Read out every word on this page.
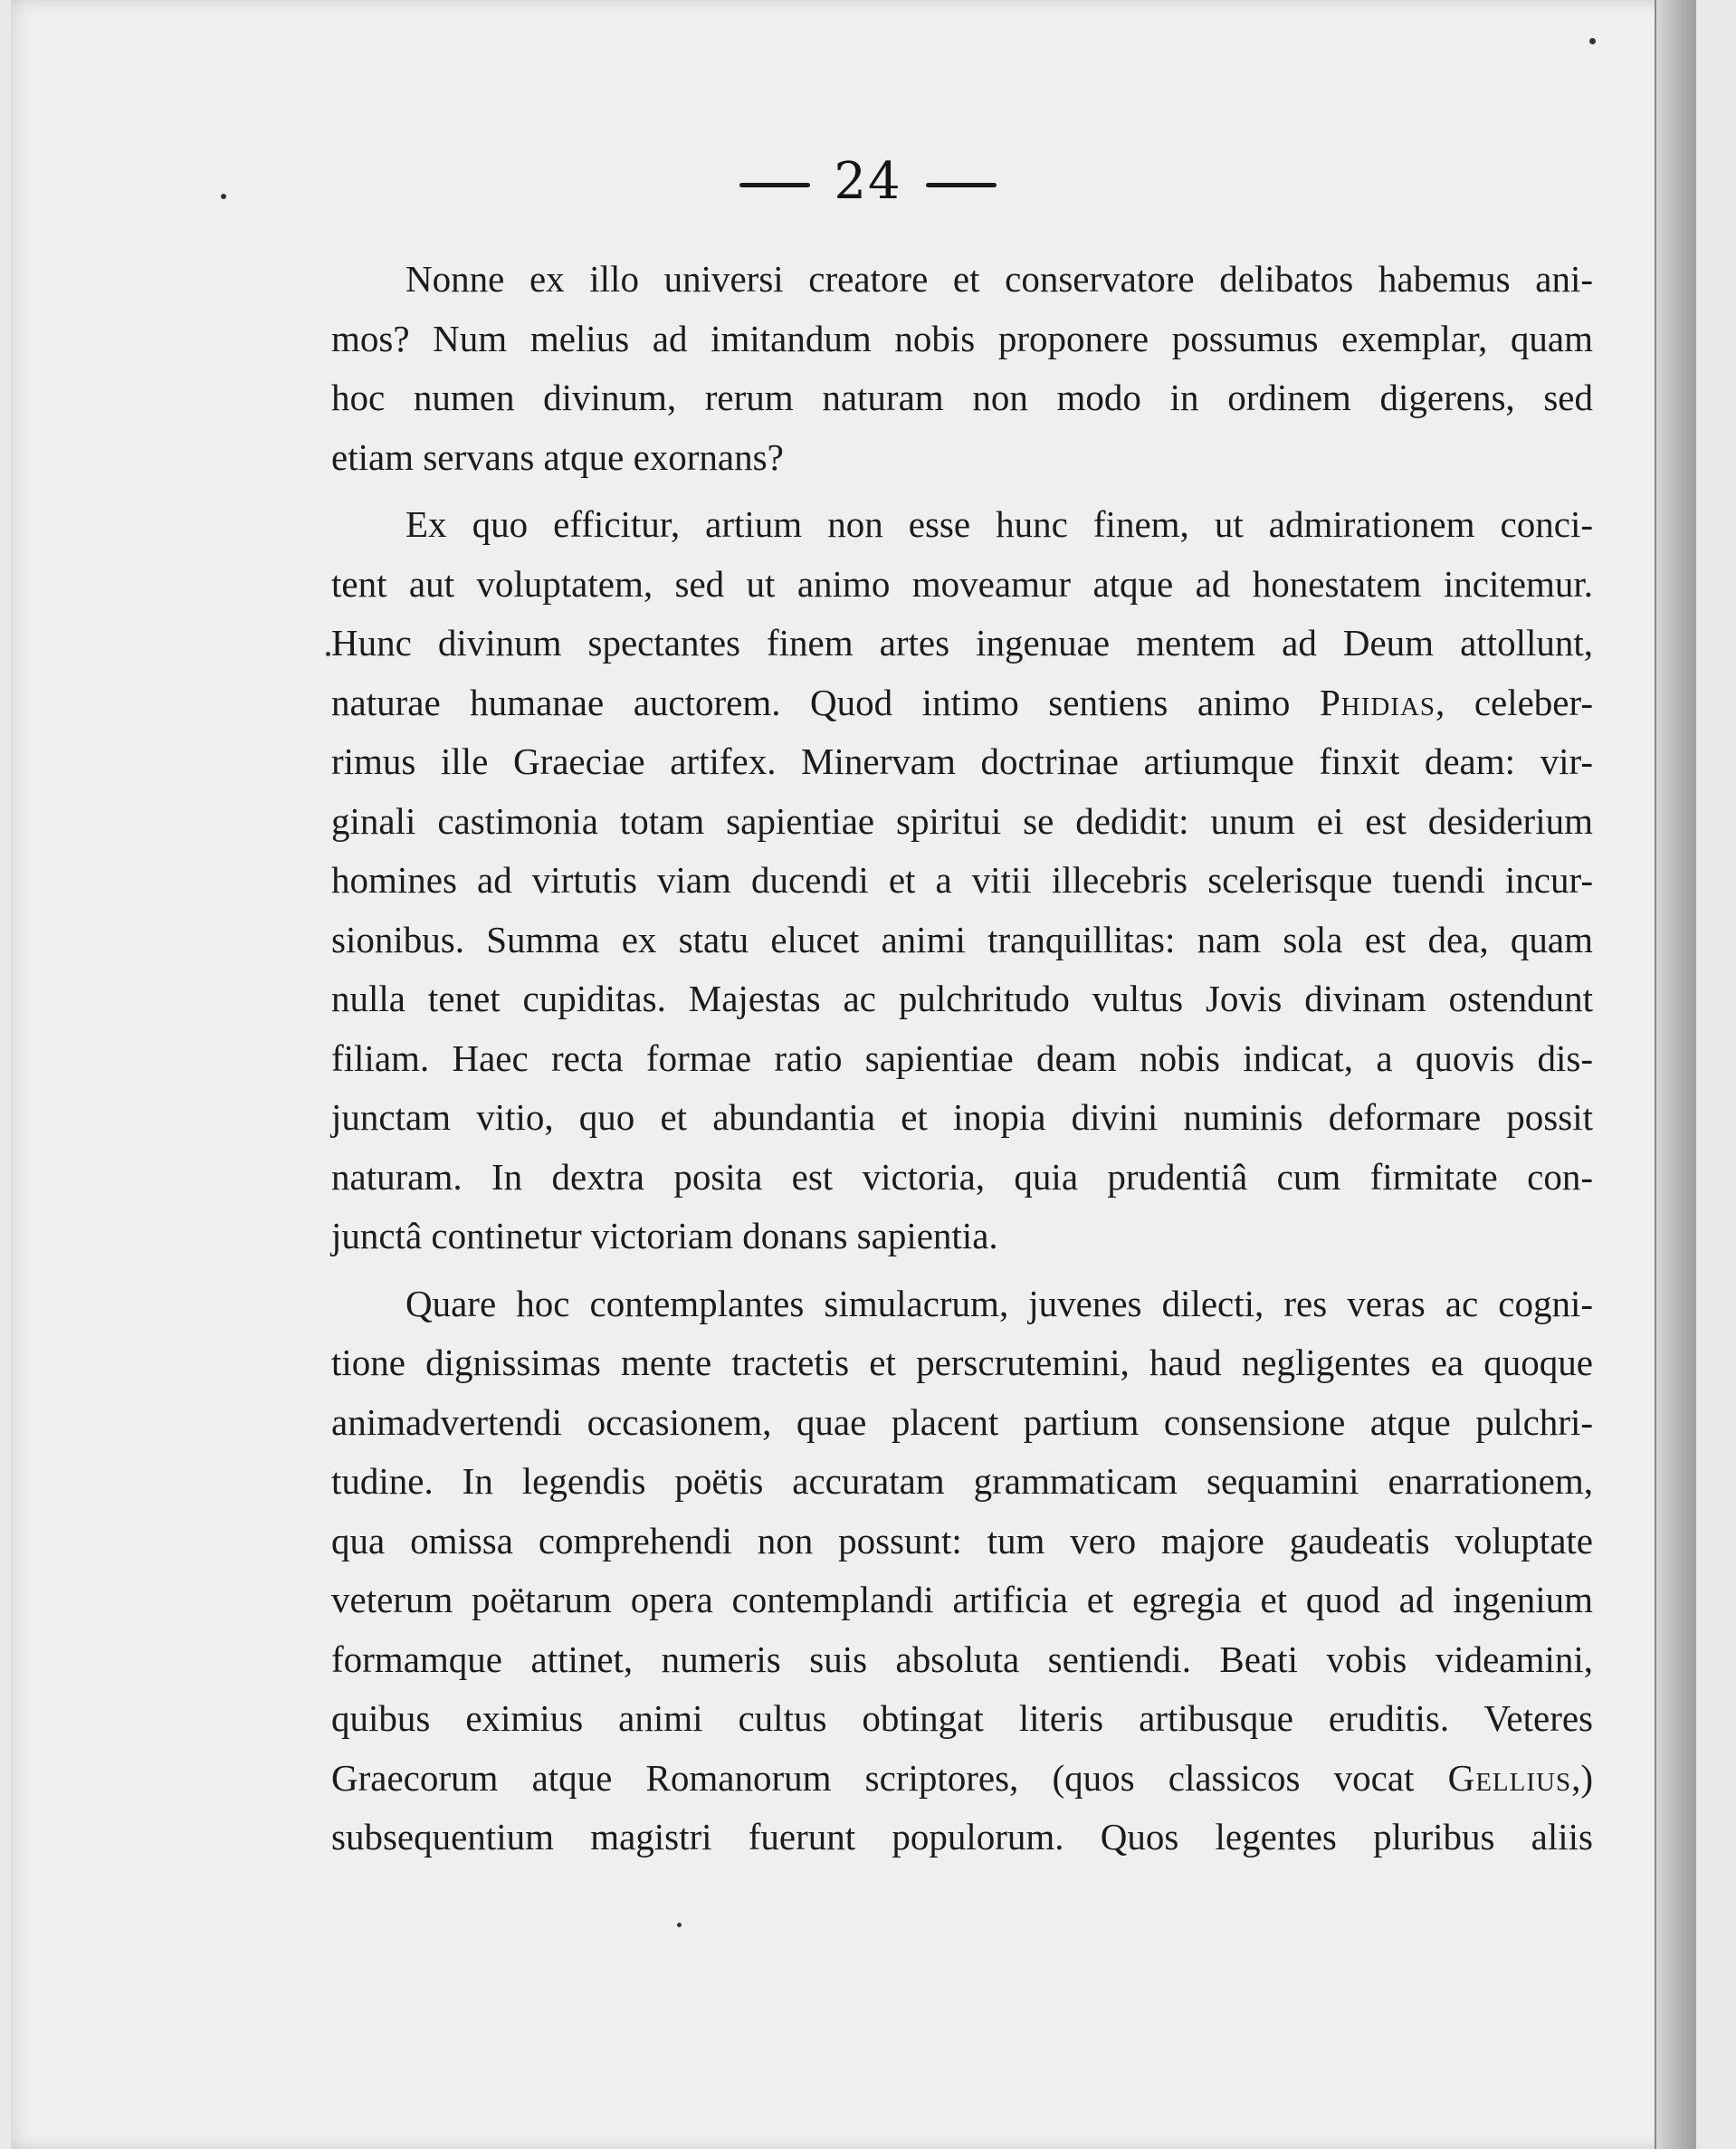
24
Nonne ex illo universi creatore et conservatore delibatos habemus ani-
mos? Num melius ad imitandum nobis proponere possumus exemplar, quam
hoc numen divinum, rerum naturam non modo in ordinem digerens, sed
etiam servans atque exornans?
Ex quo efficitur, artium non esse hunc finem, ut admirationem conci-
tent aut voluptatem, sed ut animo moveamur atque ad honestatem incitemur.
Hunc divinum spectantes finem artes ingenuae mentem ad Deum attollunt,
naturae humanae auctorem. Quod intimo sentiens animo Phidias, celeber-
rimus ille Graeciae artifex. Minervam doctrinae artiumque finxit deam: vir-
ginali castimonia totam sapientiae spiritui se dedidit: unum ei est desiderium
homines ad virtutis viam ducendi et a vitii illecebris scelerisque tuendi incur-
sionibus. Summa ex statu elucet animi tranquillitas: nam sola est dea, quam
nulla tenet cupiditas. Majestas ac pulchritudo vultus Jovis divinam ostendunt
filiam. Haec recta formae ratio sapientiae deam nobis indicat, a quovis dis-
junctam vitio, quo et abundantia et inopia divini numinis deformare possit
naturam. In dextra posita est victoria, quia prudentiâ cum firmitate con-
junctâ continetur victoriam donans sapientia.
Quare hoc contemplantes simulacrum, juvenes dilecti, res veras ac cogni-
tione dignissimas mente tractetis et perscrutemini, haud negligentes ea quoque
animadvertendi occasionem, quae placent partium consensione atque pulchri-
tudine. In legendis poëtis accuratam grammaticam sequamini enarrationem,
qua omissa comprehendi non possunt: tum vero majore gaudeatis voluptate
veterum poëtarum opera contemplandi artificia et egregia et quod ad ingenium
formamque attinet, numeris suis absoluta sentiendi. Beati vobis videamini,
quibus eximius animi cultus obtingat literis artibusque eruditis. Veteres
Graecorum atque Romanorum scriptores, (quos classicos vocat Gellius,)
subsequentium magistri fuerunt populorum. Quos legentes pluribus aliis
